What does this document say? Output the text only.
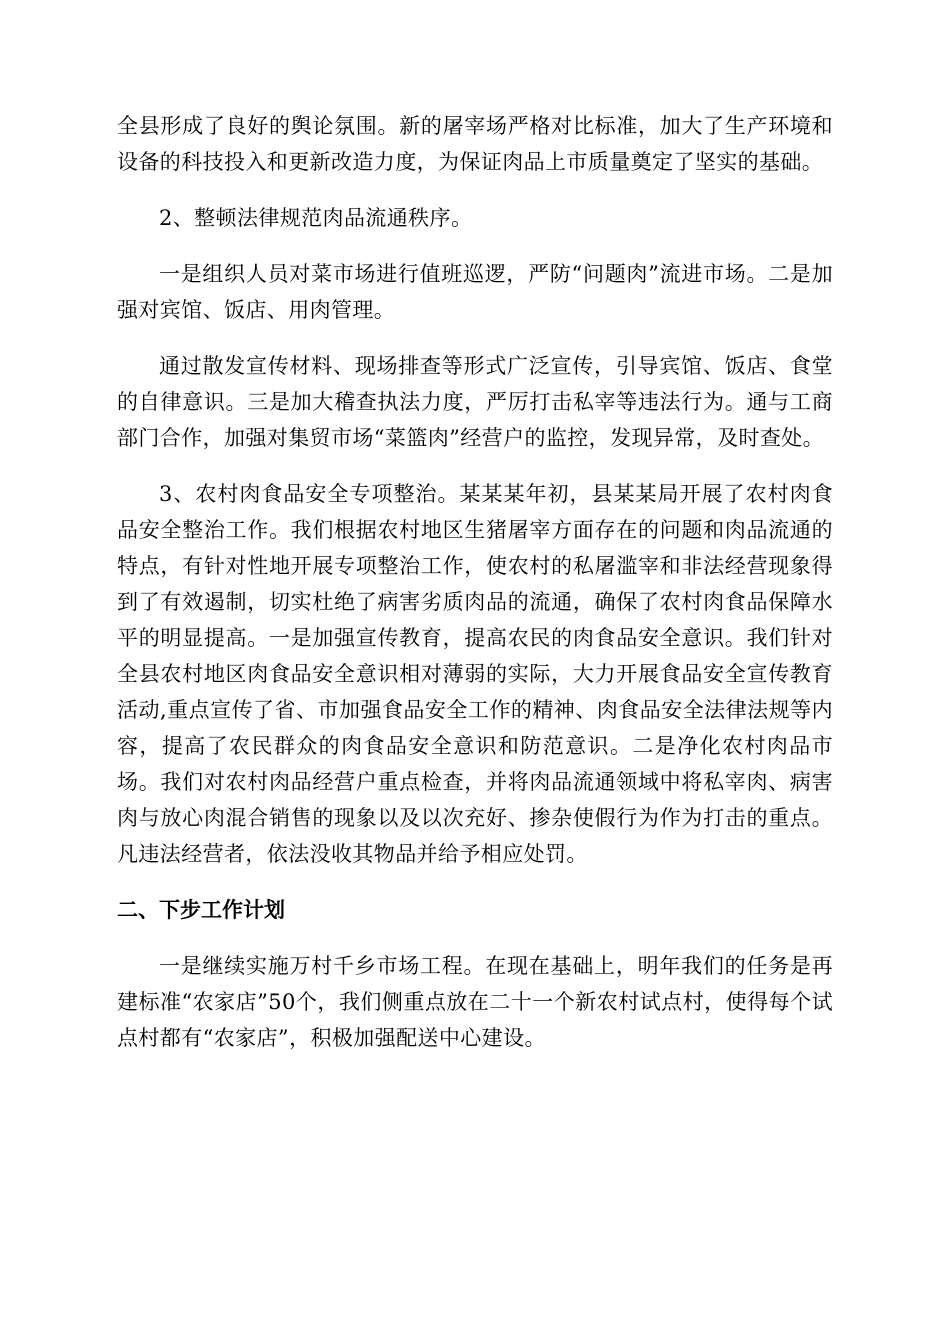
全县形成了良好的舆论氛围。新的屠宰场严格对比标准，加大了生产环境和设备的科技投入和更新改造力度，为保证肉品上市质量奠定了坚实的基础。

2、整顿法律规范肉品流通秩序。

一是组织人员对菜市场进行值班巡逻，严防“问题肉”流进市场。二是加强对宾馆、饭店、用肉管理。

通过散发宣传材料、现场排查等形式广泛宣传，引导宾馆、饭店、食堂的自律意识。三是加大稽查执法力度，严厉打击私宰等违法行为。通与工商部门合作，加强对集贸市场“菜篮肉”经营户的监控，发现异常，及时查处。

3、农村肉食品安全专项整治。某某某年初，县某某局开展了农村肉食品安全整治工作。我们根据农村地区生猪屠宰方面存在的问题和肉品流通的特点，有针对性地开展专项整治工作，使农村的私屠滥宰和非法经营现象得到了有效遏制，切实杜绝了病害劣质肉品的流通，确保了农村肉食品保障水平的明显提高。一是加强宣传教育，提高农民的肉食品安全意识。我们针对全县农村地区肉食品安全意识相对薄弱的实际，大力开展食品安全宣传教育活动,重点宣传了省、市加强食品安全工作的精神、肉食品安全法律法规等内容，提高了农民群众的肉食品安全意识和防范意识。二是净化农村肉品市场。我们对农村肉品经营户重点检查，并将肉品流通领域中将私宰肉、病害肉与放心肉混合销售的现象以及以次充好、掺杂使假行为作为打击的重点。凡违法经营者，依法没收其物品并给予相应处罚。

二、下步工作计划

一是继续实施万村千乡市场工程。在现在基础上，明年我们的任务是再建标准“农家店”50个，我们侧重点放在二十一个新农村试点村，使得每个试点村都有“农家店”，积极加强配送中心建设。
